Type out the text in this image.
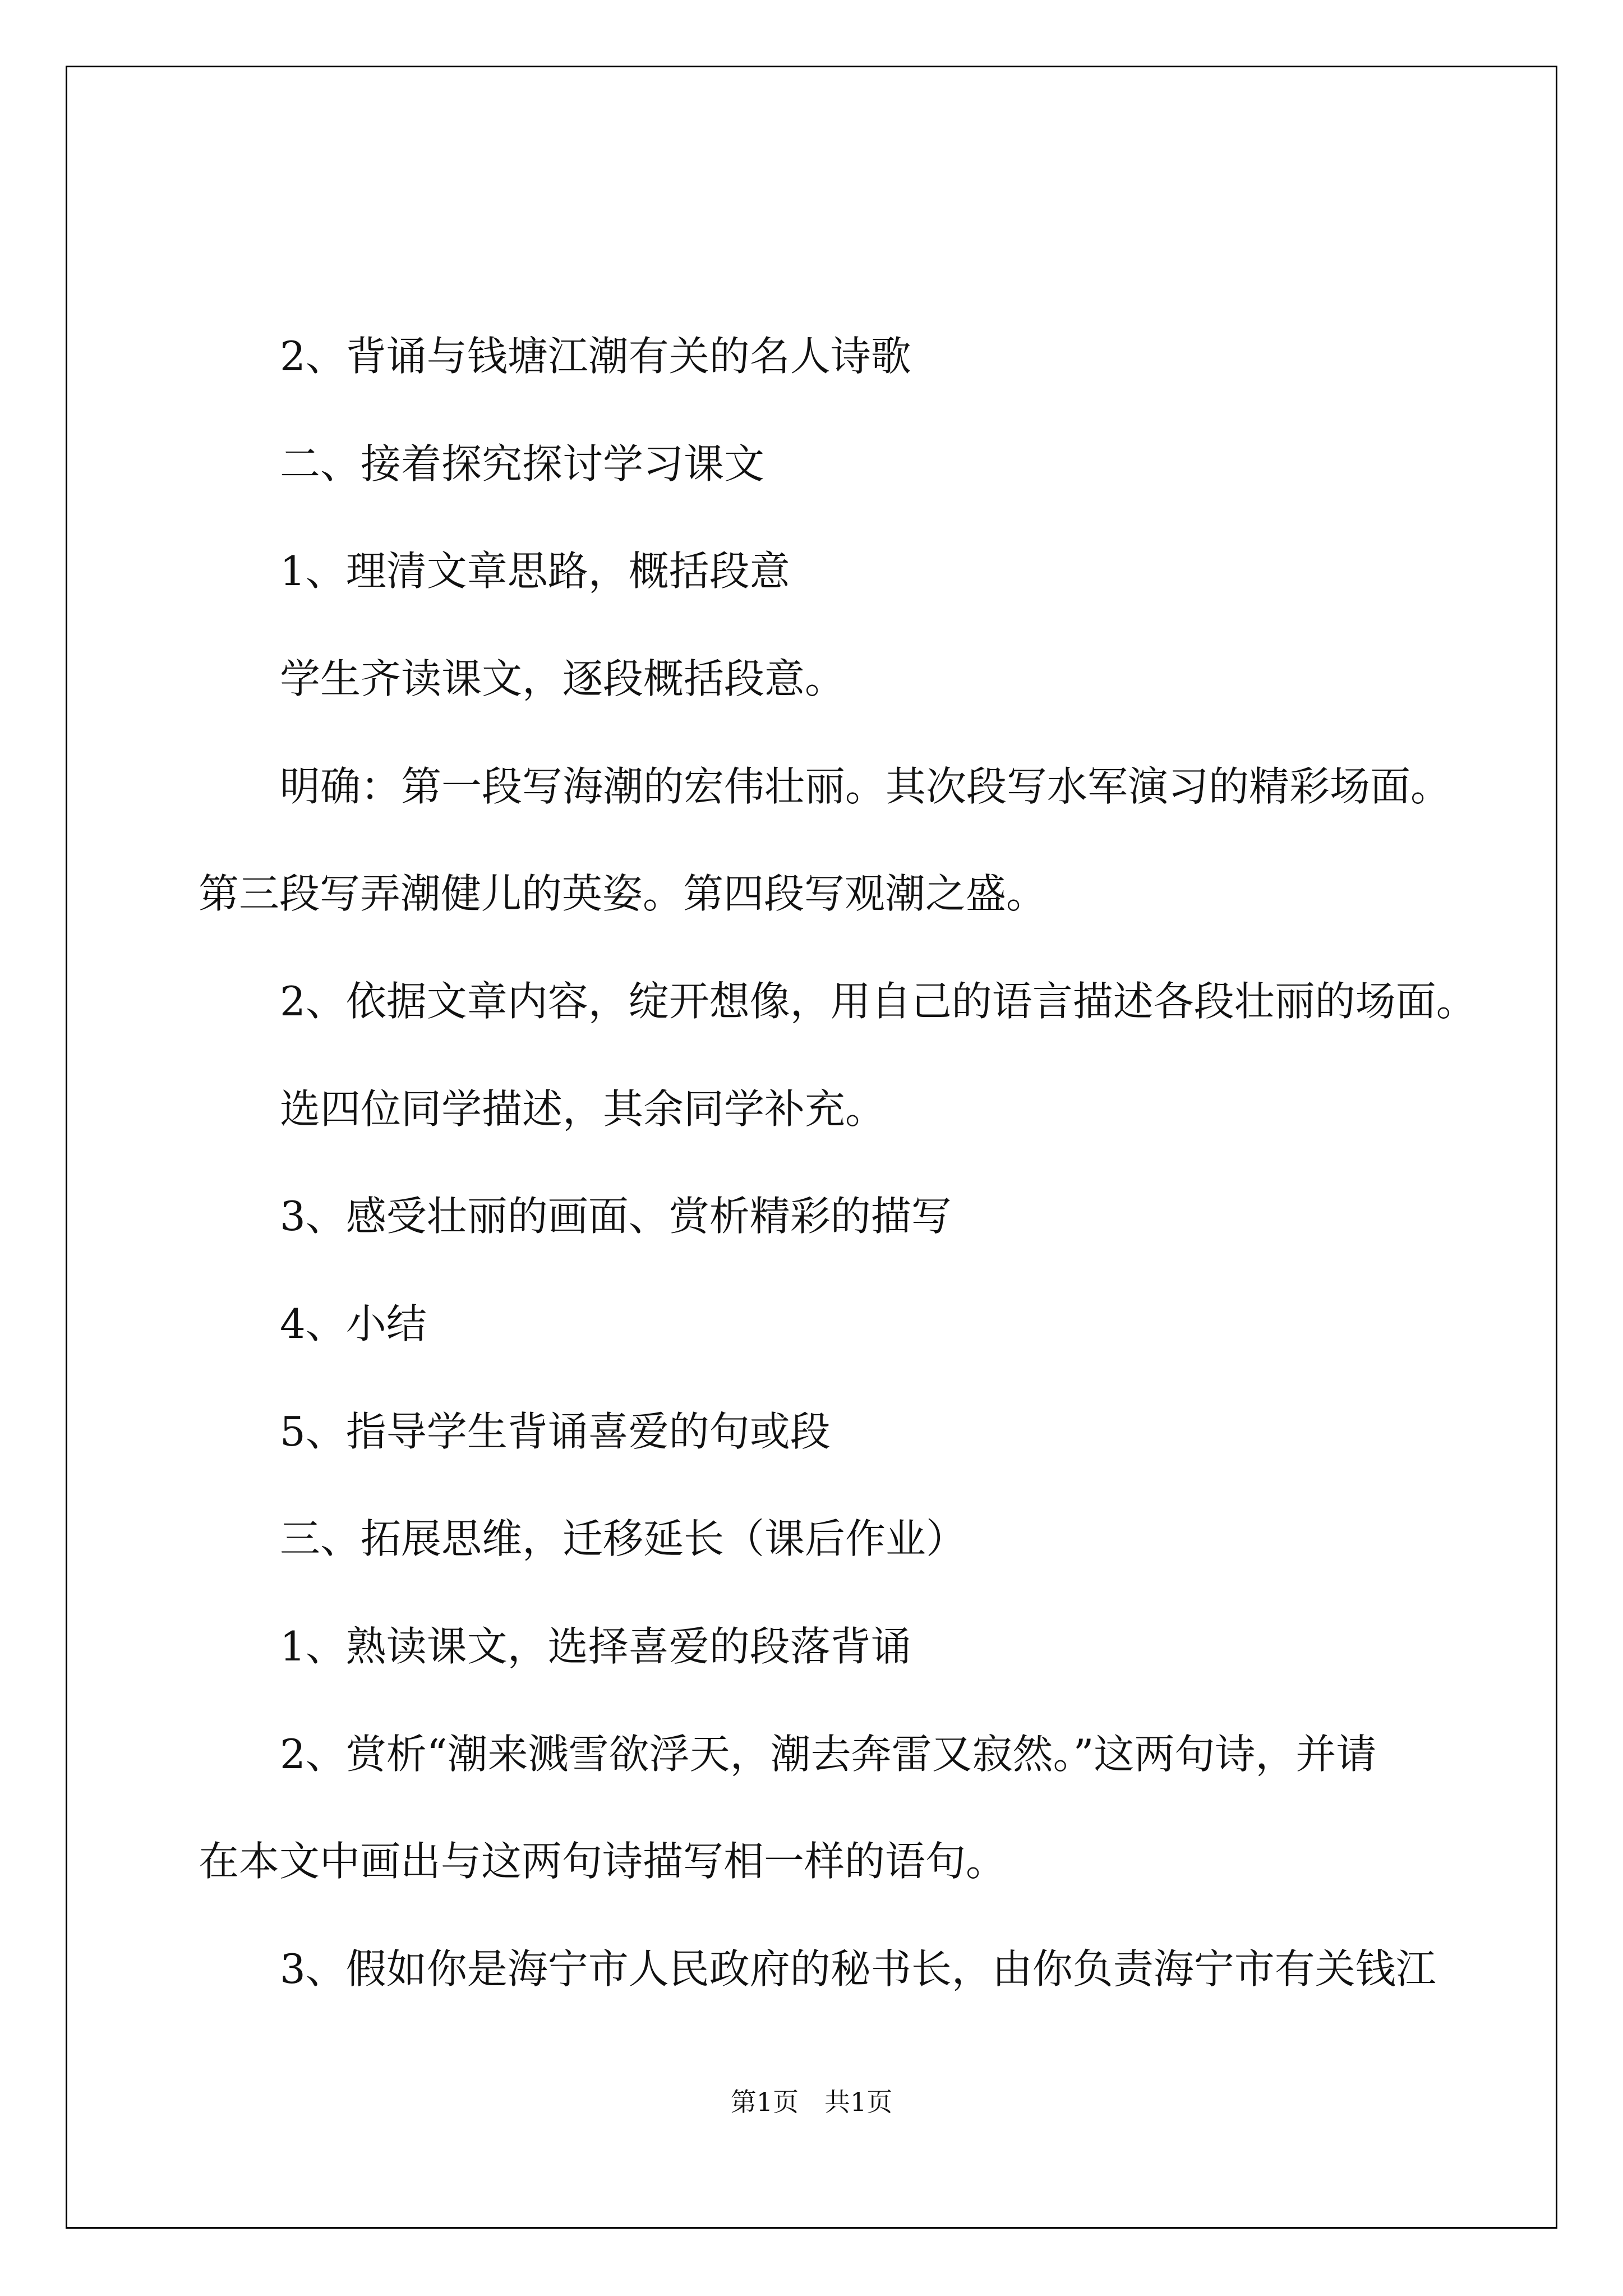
2、背诵与钱塘江潮有关的名人诗歌
二、接着探究探讨学习课文
1、理清文章思路，概括段意
学生齐读课文，逐段概括段意。
明确：第一段写海潮的宏伟壮丽。其次段写水军演习的精彩场面。
第三段写弄潮健儿的英姿。第四段写观潮之盛。
2、依据文章内容，绽开想像，用自己的语言描述各段壮丽的场面。
选四位同学描述，其余同学补充。
3、感受壮丽的画面、赏析精彩的描写
4、小结
5、指导学生背诵喜爱的句或段
三、拓展思维，迁移延长（课后作业）
1、熟读课文，选择喜爱的段落背诵
2、赏析“潮来溅雪欲浮天，潮去奔雷又寂然。”这两句诗，并请
在本文中画出与这两句诗描写相一样的语句。
3、假如你是海宁市人民政府的秘书长，由你负责海宁市有关钱江
第1页 共1页
